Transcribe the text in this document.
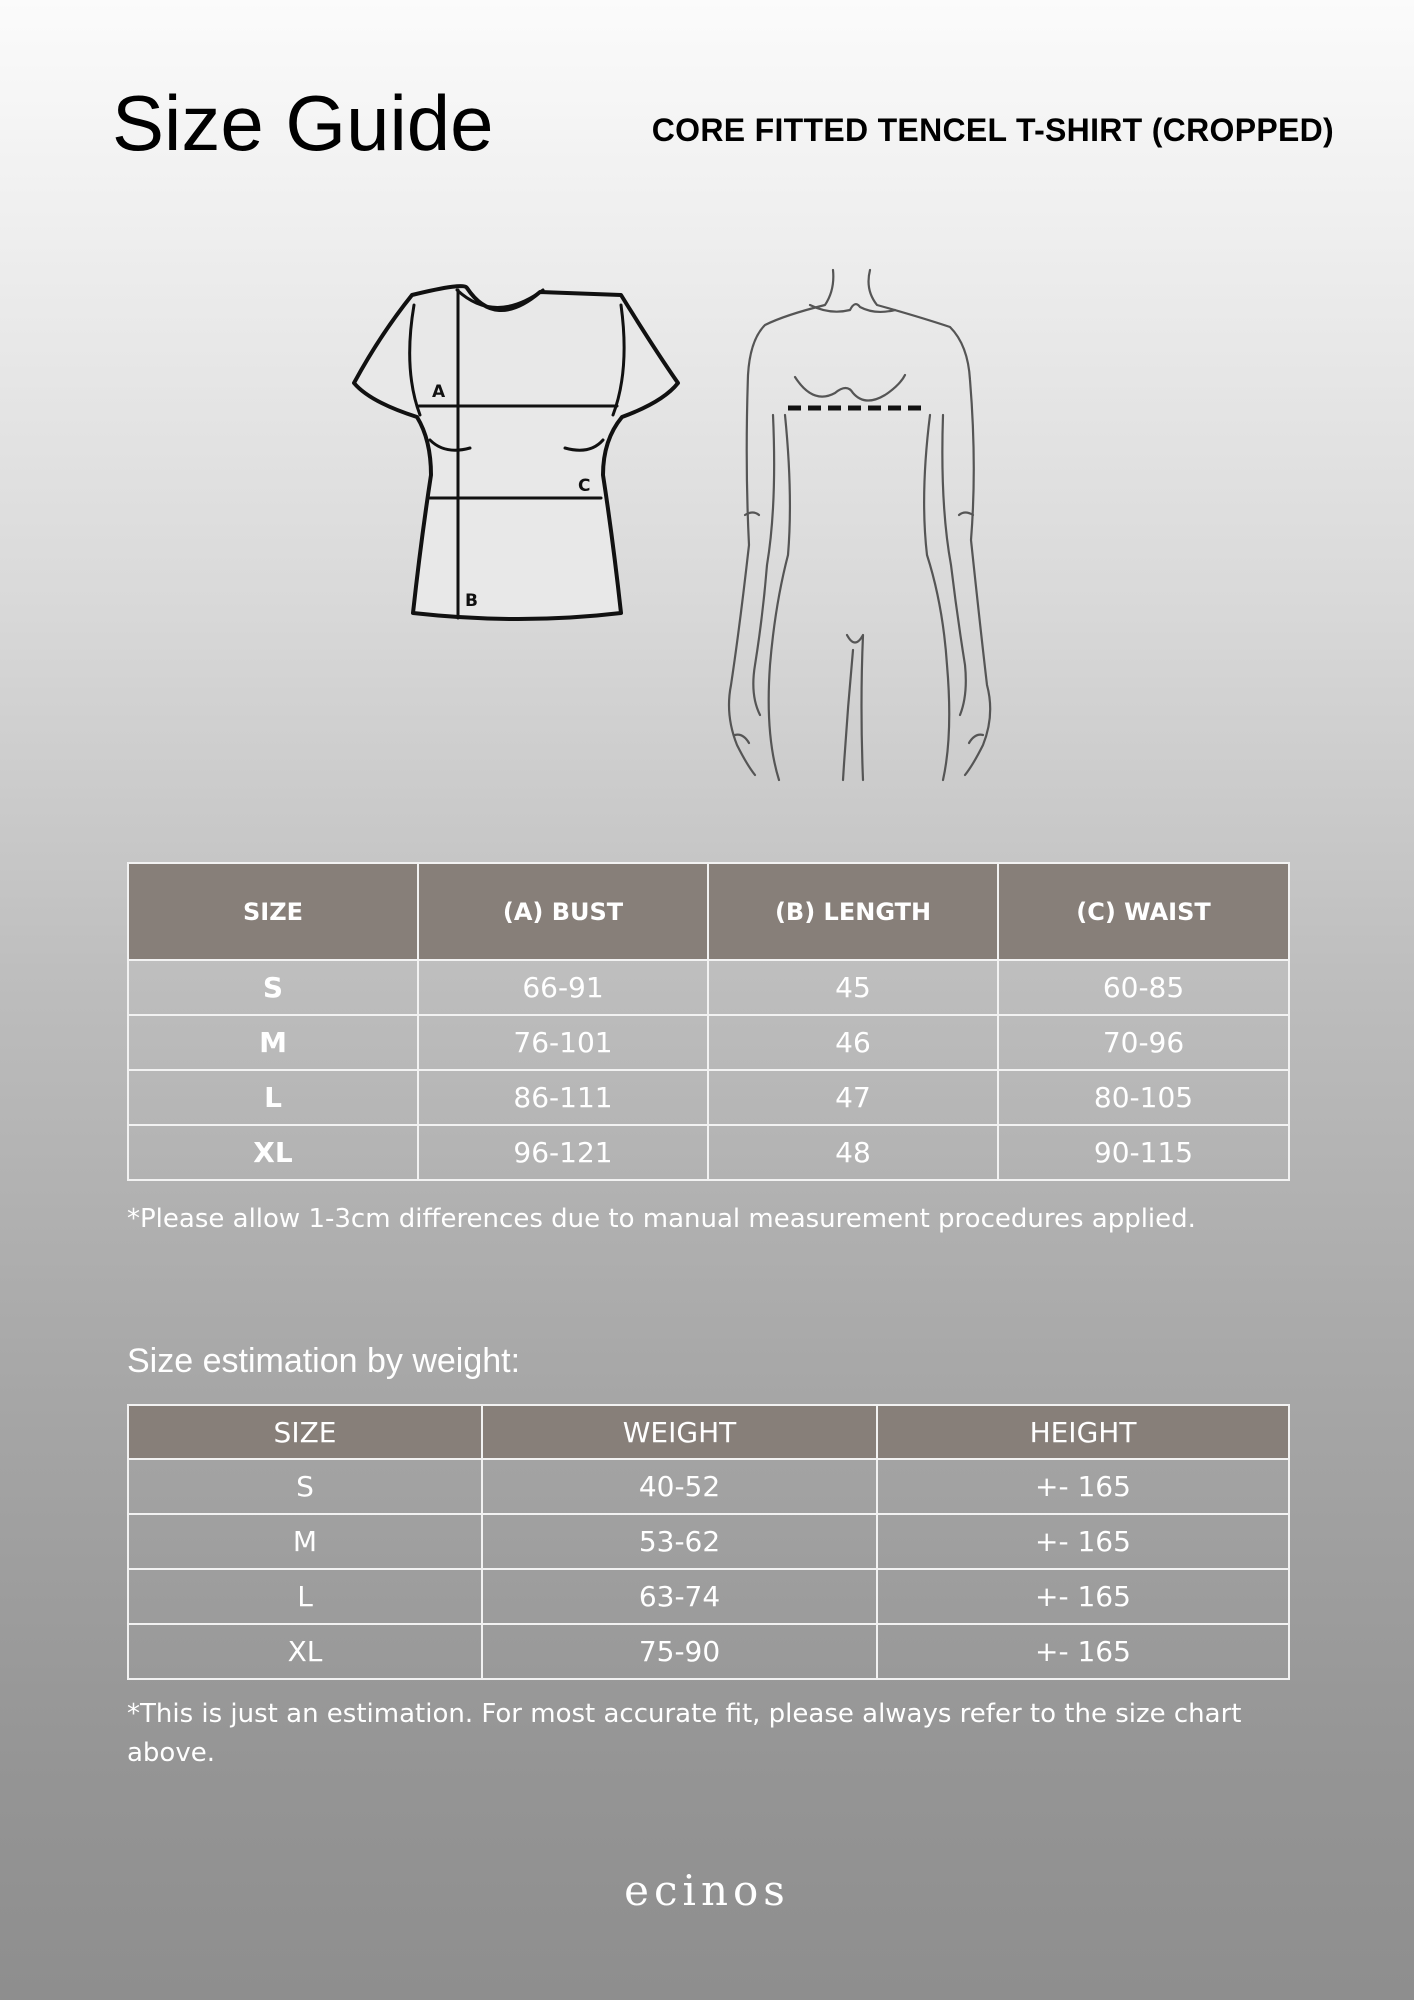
Size Guide	CORE FITTED TENCEL T-SHIRT (CROPPED)
A
C
B
SIZE	(A) BUST	(B) LENGTH	(C) WAIST
S	66-91	45	60-85
M	76-101	46	70-96
L	86-111	47	80-105
XL	96-121	48	90-115

*Please allow 1-3cm differences due to manual measurement procedures applied.

Size estimation by weight:
SIZE	WEIGHT	HEIGHT
S	40-52	+- 165
M	53-62	+- 165
L	63-74	+- 165
XL	75-90	+- 165

*This is just an estimation. For most accurate fit, please always refer to the size chart above.

ecinos
